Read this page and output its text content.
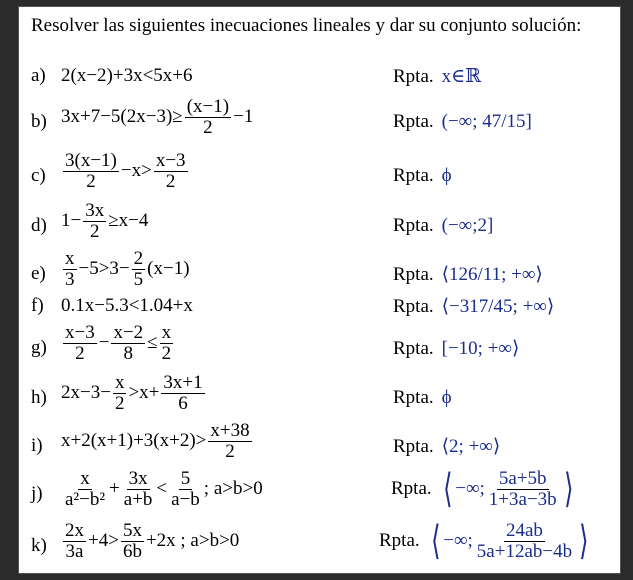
Resolver las siguientes inecuaciones lineales y dar su conjunto solución:
a) 2(x−2)+3x<5x+6	Rpta. x∈ℝ
b) $3x+7-5(2x-3)\ge \frac{(x-1)}{2} -1$	Rpta. (−∞; 47/15]
$c) \frac{3(x-1)}{2} -x> \frac{x-3}{2}$	Rpta. ϕ
d) $1- \frac{3x}{2} \ge x-4$	Rpta. (−∞;2]
$e) \frac{x}{3} -5>3- \frac{2}{5} (x-1)$	Rpta. ⟨126/11; +∞⟩
f) 0.1x−5.3<1.04+x	Rpta. ⟨−317/45; +∞⟩
$g) \frac{x-3}{2} - \frac{x-2}{8} \le \frac{x}{2}$	Rpta. [−10; +∞⟩
h) $2x-3- \frac{x}{2} >x+ \frac{3x+1}{6}$	Rpta. ϕ
i) $x+2(x+1)+3(x+2)> \frac{x+38}{2}$	Rpta. ⟨2; +∞⟩
$j) \frac{x}{\text{a²−b²}} + \frac{3x}{a+b} < \frac{5}{a-b}$ ; a>b>0	Rpta. ⟨ −∞; $\frac{5a+5b}{1+3a-3b}$ ⟩
$k) \frac{2x}{3a} +4> \frac{5x}{6b} +2x$ ; a>b>0	Rpta. ⟨ −∞; $\frac{24ab}{5a+12ab-4b}$ ⟩
